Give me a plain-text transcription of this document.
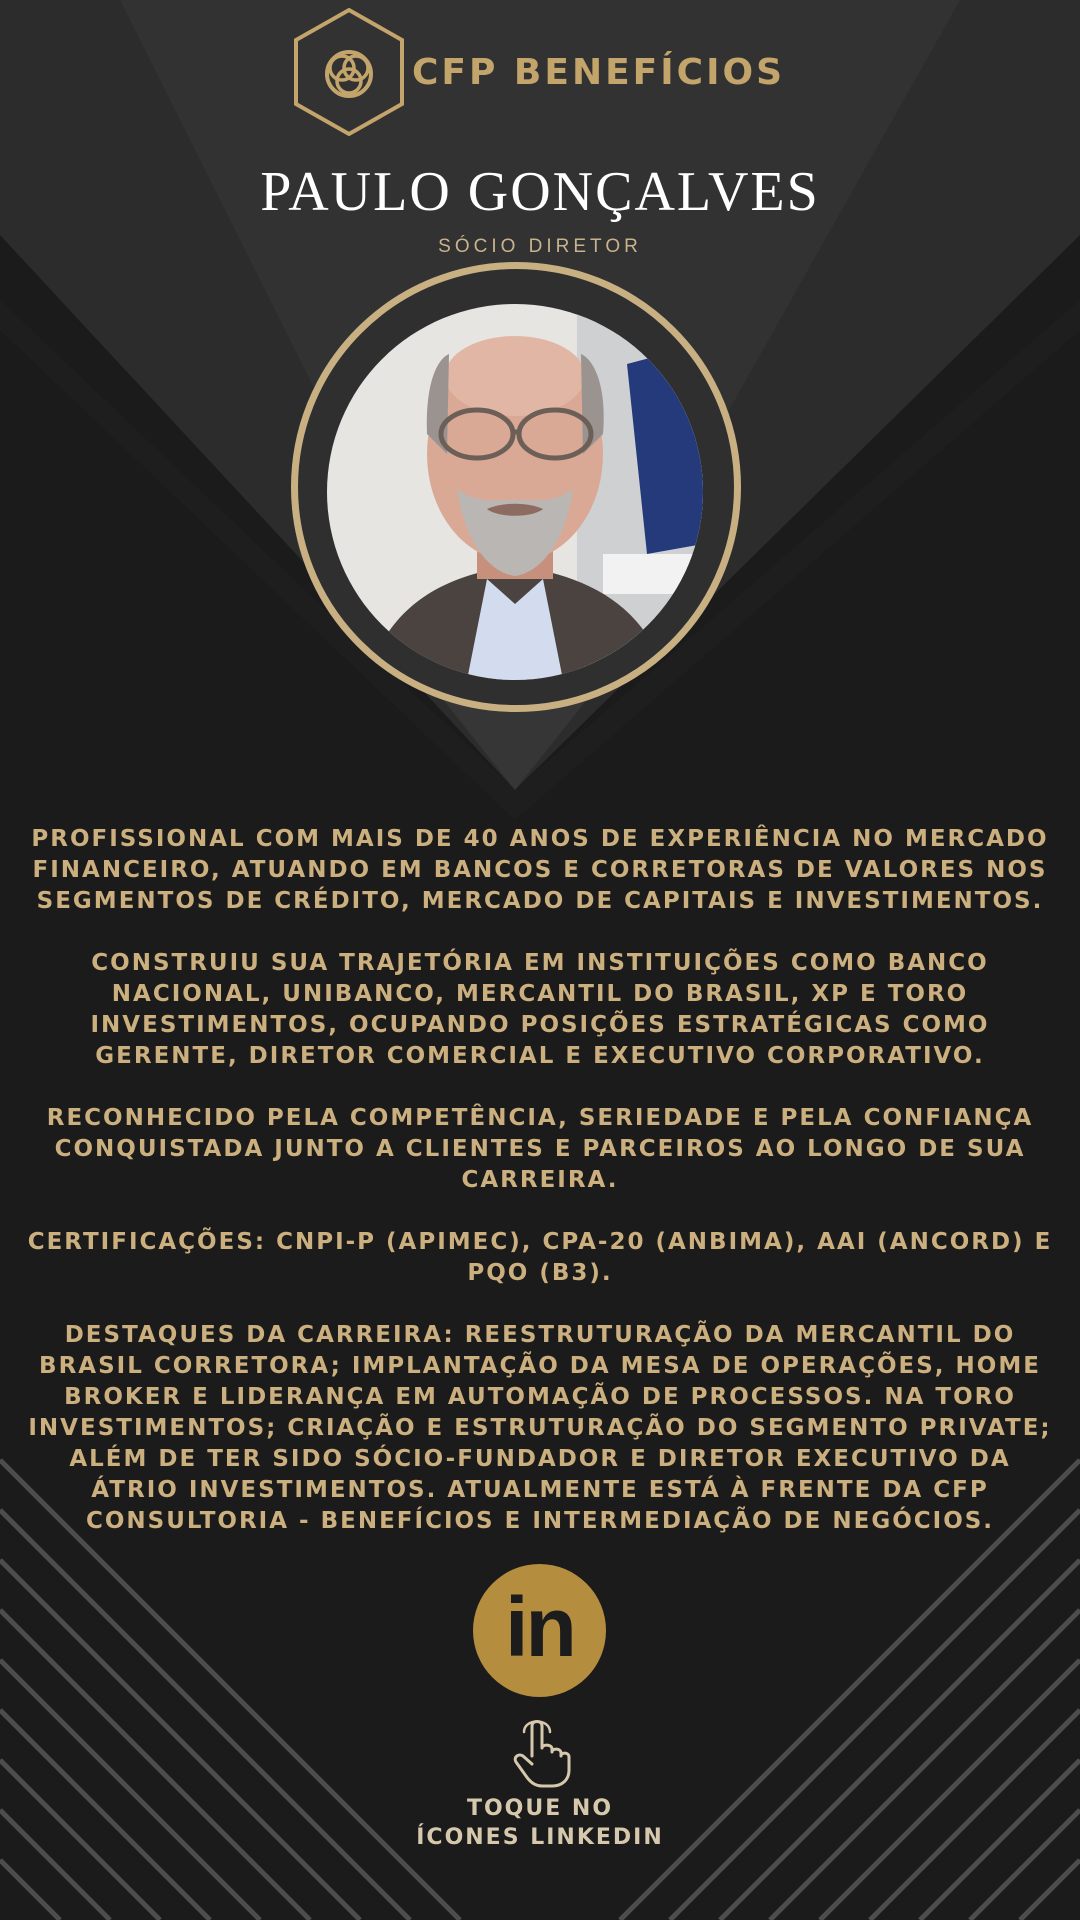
CFP BENEFÍCIOS
PAULO GONÇALVES
SÓCIO DIRETOR

PROFISSIONAL COM MAIS DE 40 ANOS DE EXPERIÊNCIA NO MERCADO
FINANCEIRO, ATUANDO EM BANCOS E CORRETORAS DE VALORES NOS
SEGMENTOS DE CRÉDITO, MERCADO DE CAPITAIS E INVESTIMENTOS.

CONSTRUIU SUA TRAJETÓRIA EM INSTITUIÇÕES COMO BANCO
NACIONAL, UNIBANCO, MERCANTIL DO BRASIL, XP E TORO
INVESTIMENTOS, OCUPANDO POSIÇÕES ESTRATÉGICAS COMO
GERENTE, DIRETOR COMERCIAL E EXECUTIVO CORPORATIVO.

RECONHECIDO PELA COMPETÊNCIA, SERIEDADE E PELA CONFIANÇA
CONQUISTADA JUNTO A CLIENTES E PARCEIROS AO LONGO DE SUA
CARREIRA.

CERTIFICAÇÕES: CNPI-P (APIMEC), CPA-20 (ANBIMA), AAI (ANCORD) E
PQO (B3).

DESTAQUES DA CARREIRA: REESTRUTURAÇÃO DA MERCANTIL DO
BRASIL CORRETORA; IMPLANTAÇÃO DA MESA DE OPERAÇÕES, HOME
BROKER E LIDERANÇA EM AUTOMAÇÃO DE PROCESSOS. NA TORO
INVESTIMENTOS; CRIAÇÃO E ESTRUTURAÇÃO DO SEGMENTO PRIVATE;
ALÉM DE TER SIDO SÓCIO-FUNDADOR E DIRETOR EXECUTIVO DA
ÁTRIO INVESTIMENTOS. ATUALMENTE ESTÁ À FRENTE DA CFP
CONSULTORIA - BENEFÍCIOS E INTERMEDIAÇÃO DE NEGÓCIOS.

in
TOQUE NO
ÍCONES LINKEDIN
